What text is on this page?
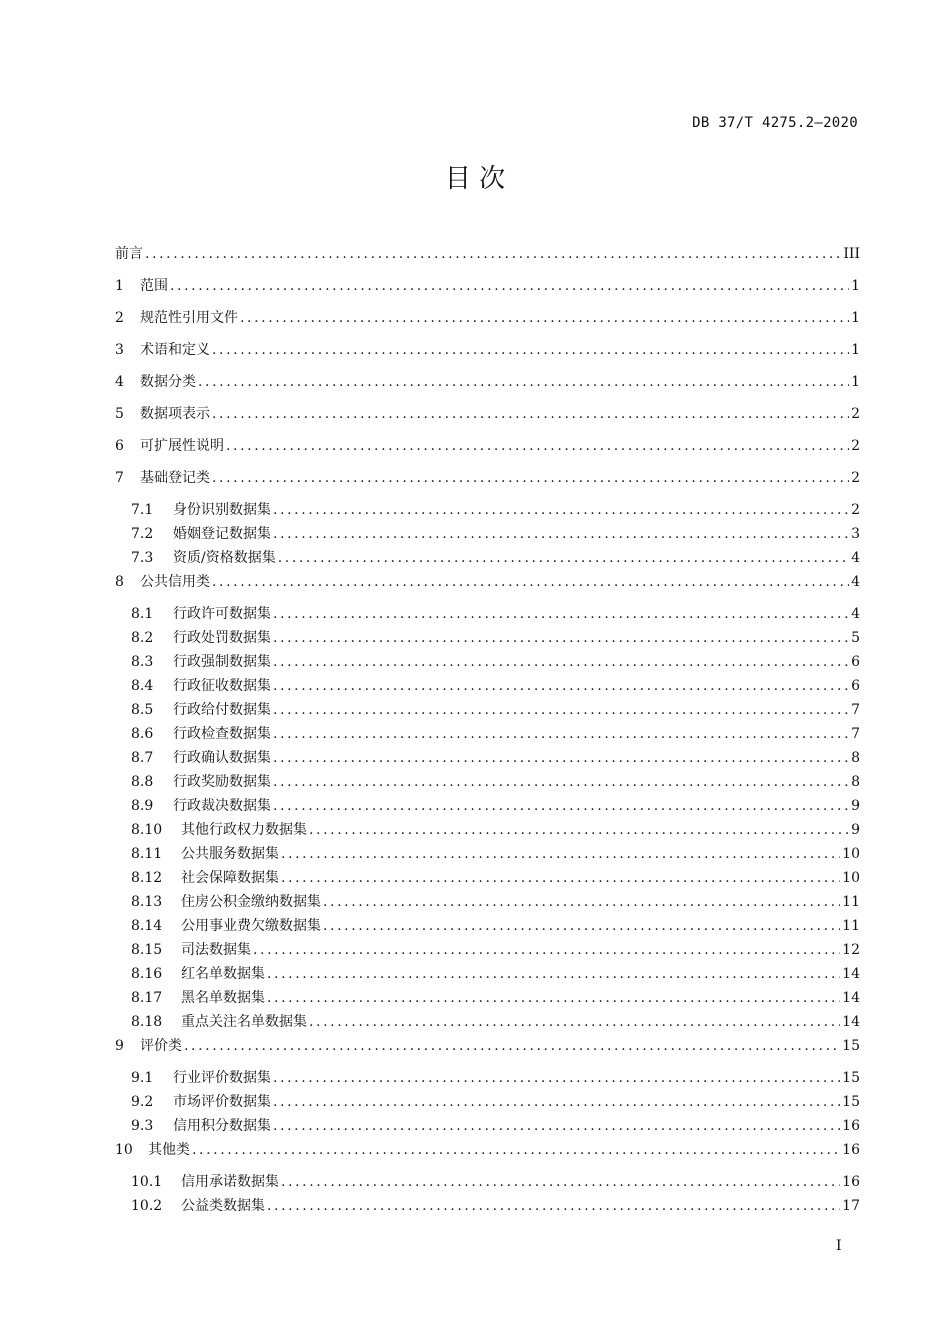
DB 37/T 4275.2—2020
目 次
前言 .....	III
1	范围 .....	1
2	规范性引用文件 .....	1
3	术语和定义 .....	1
4	数据分类 .....	1
5	数据项表示 .....	2
6	可扩展性说明 .....	2
7	基础登记类 .....	2
7.1	身份识别数据集 .....	2
7.2	婚姻登记数据集 .....	3
7.3	资质/资格数据集 .....	4
8	公共信用类 .....	4
8.1	行政许可数据集 .....	4
8.2	行政处罚数据集 .....	5
8.3	行政强制数据集 .....	6
8.4	行政征收数据集 .....	6
8.5	行政给付数据集 .....	7
8.6	行政检查数据集 .....	7
8.7	行政确认数据集 .....	8
8.8	行政奖励数据集 .....	8
8.9	行政裁决数据集 .....	9
8.10	其他行政权力数据集 .....	9
8.11	公共服务数据集 .....	10
8.12	社会保障数据集 .....	10
8.13	住房公积金缴纳数据集 .....	11
8.14	公用事业费欠缴数据集 .....	11
8.15	司法数据集 .....	12
8.16	红名单数据集 .....	14
8.17	黑名单数据集 .....	14
8.18	重点关注名单数据集 .....	14
9	评价类 .....	15
9.1	行业评价数据集 .....	15
9.2	市场评价数据集 .....	15
9.3	信用积分数据集 .....	16
10	其他类 .....	16
10.1	信用承诺数据集 .....	16
10.2	公益类数据集 .....	17
I
